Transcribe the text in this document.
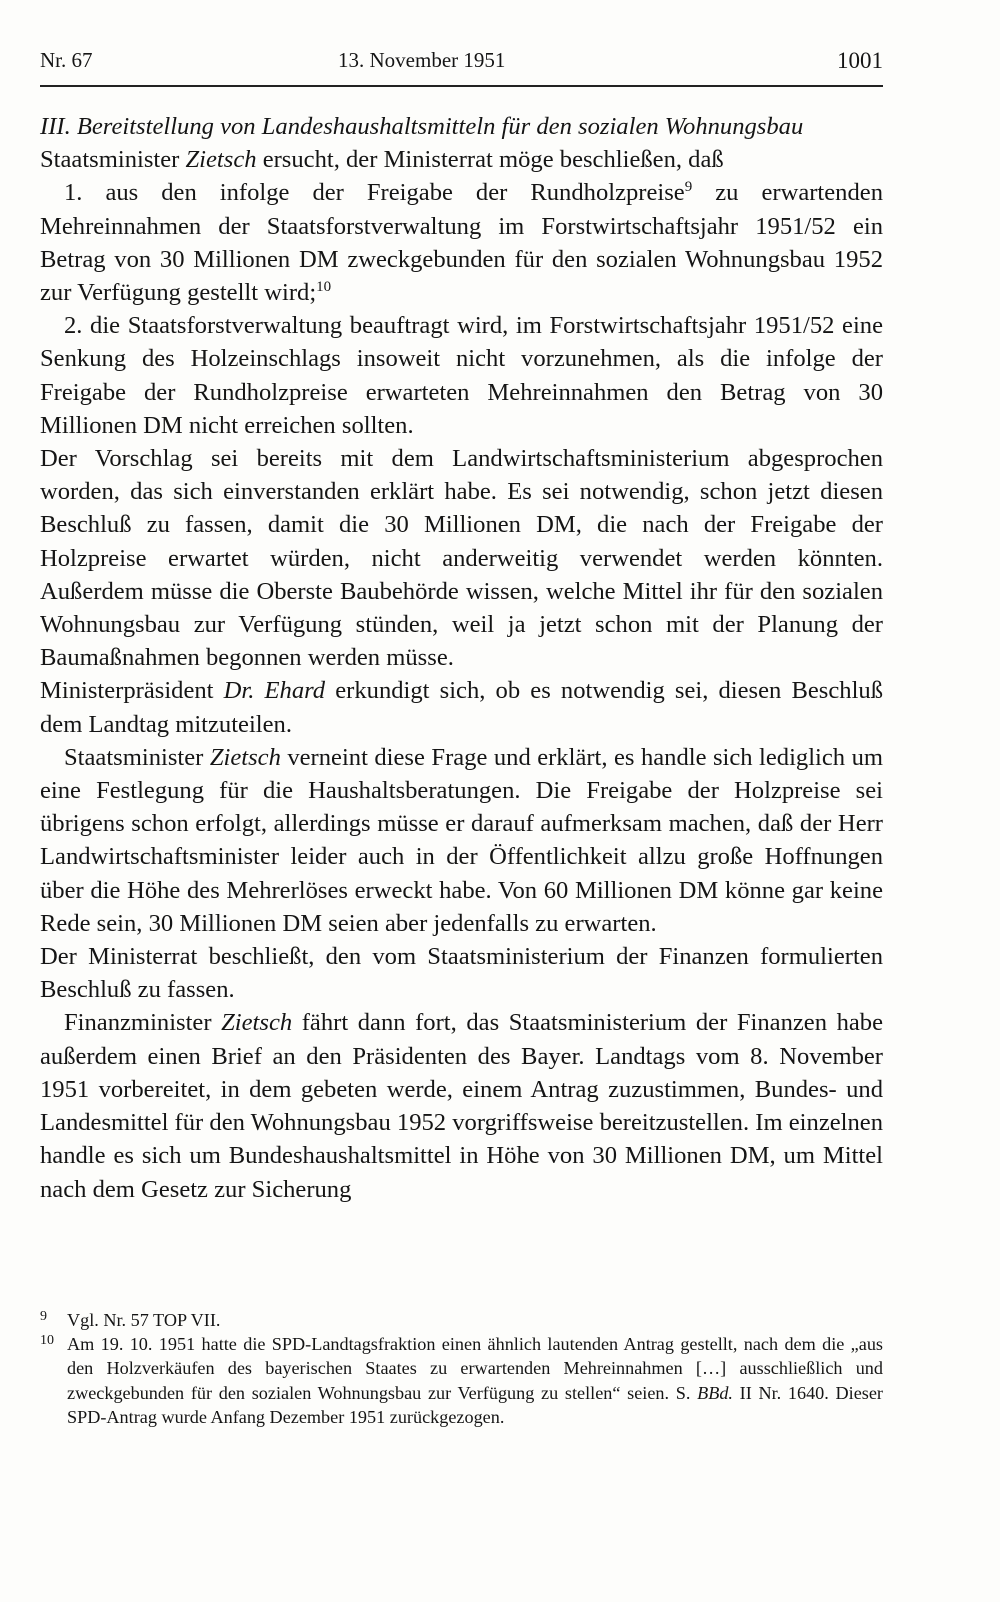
Nr. 67	13. November 1951	1001

III. Bereitstellung von Landeshaushaltsmitteln für den sozialen Wohnungsbau

Staatsminister Zietsch ersucht, der Ministerrat möge beschließen, daß

1. aus den infolge der Freigabe der Rundholzpreise$^9$ zu erwartenden Mehreinnahmen der Staatsforstverwaltung im Forstwirtschaftsjahr 1951/52 ein Betrag von 30 Millionen DM zweckgebunden für den sozialen Wohnungsbau 1952 zur Verfügung gestellt wird;$^{10}$

2. die Staatsforstverwaltung beauftragt wird, im Forstwirtschaftsjahr 1951/52 eine Senkung des Holzeinschlags insoweit nicht vorzunehmen, als die infolge der Freigabe der Rundholzpreise erwarteten Mehreinnahmen den Betrag von 30 Millionen DM nicht erreichen sollten.

Der Vorschlag sei bereits mit dem Landwirtschaftsministerium abgesprochen worden, das sich einverstanden erklärt habe. Es sei notwendig, schon jetzt diesen Beschluß zu fassen, damit die 30 Millionen DM, die nach der Freigabe der Holzpreise erwartet würden, nicht anderweitig verwendet werden könnten. Außerdem müsse die Oberste Baubehörde wissen, welche Mittel ihr für den sozialen Wohnungsbau zur Verfügung stünden, weil ja jetzt schon mit der Planung der Baumaßnahmen begonnen werden müsse.

Ministerpräsident Dr. Ehard erkundigt sich, ob es notwendig sei, diesen Beschluß dem Landtag mitzuteilen.

Staatsminister Zietsch verneint diese Frage und erklärt, es handle sich lediglich um eine Festlegung für die Haushaltsberatungen. Die Freigabe der Holzpreise sei übrigens schon erfolgt, allerdings müsse er darauf aufmerksam machen, daß der Herr Landwirtschaftsminister leider auch in der Öffentlichkeit allzu große Hoffnungen über die Höhe des Mehrerlöses erweckt habe. Von 60 Millionen DM könne gar keine Rede sein, 30 Millionen DM seien aber jedenfalls zu erwarten.

Der Ministerrat beschließt, den vom Staatsministerium der Finanzen formulierten Beschluß zu fassen.

Finanzminister Zietsch fährt dann fort, das Staatsministerium der Finanzen habe außerdem einen Brief an den Präsidenten des Bayer. Landtags vom 8. November 1951 vorbereitet, in dem gebeten werde, einem Antrag zuzustimmen, Bundes- und Landesmittel für den Wohnungsbau 1952 vorgriffsweise bereitzustellen. Im einzelnen handle es sich um Bundeshaushaltsmittel in Höhe von 30 Millionen DM, um Mittel nach dem Gesetz zur Sicherung

9 Vgl. Nr. 57 TOP VII.
10 Am 19. 10. 1951 hatte die SPD-Landtagsfraktion einen ähnlich lautenden Antrag gestellt, nach dem die „aus den Holzverkäufen des bayerischen Staates zu erwartenden Mehreinnahmen […] ausschließlich und zweckgebunden für den sozialen Wohnungsbau zur Verfügung zu stellen“ seien. S. BBd. II Nr. 1640. Dieser SPD-Antrag wurde Anfang Dezember 1951 zurückgezogen.
